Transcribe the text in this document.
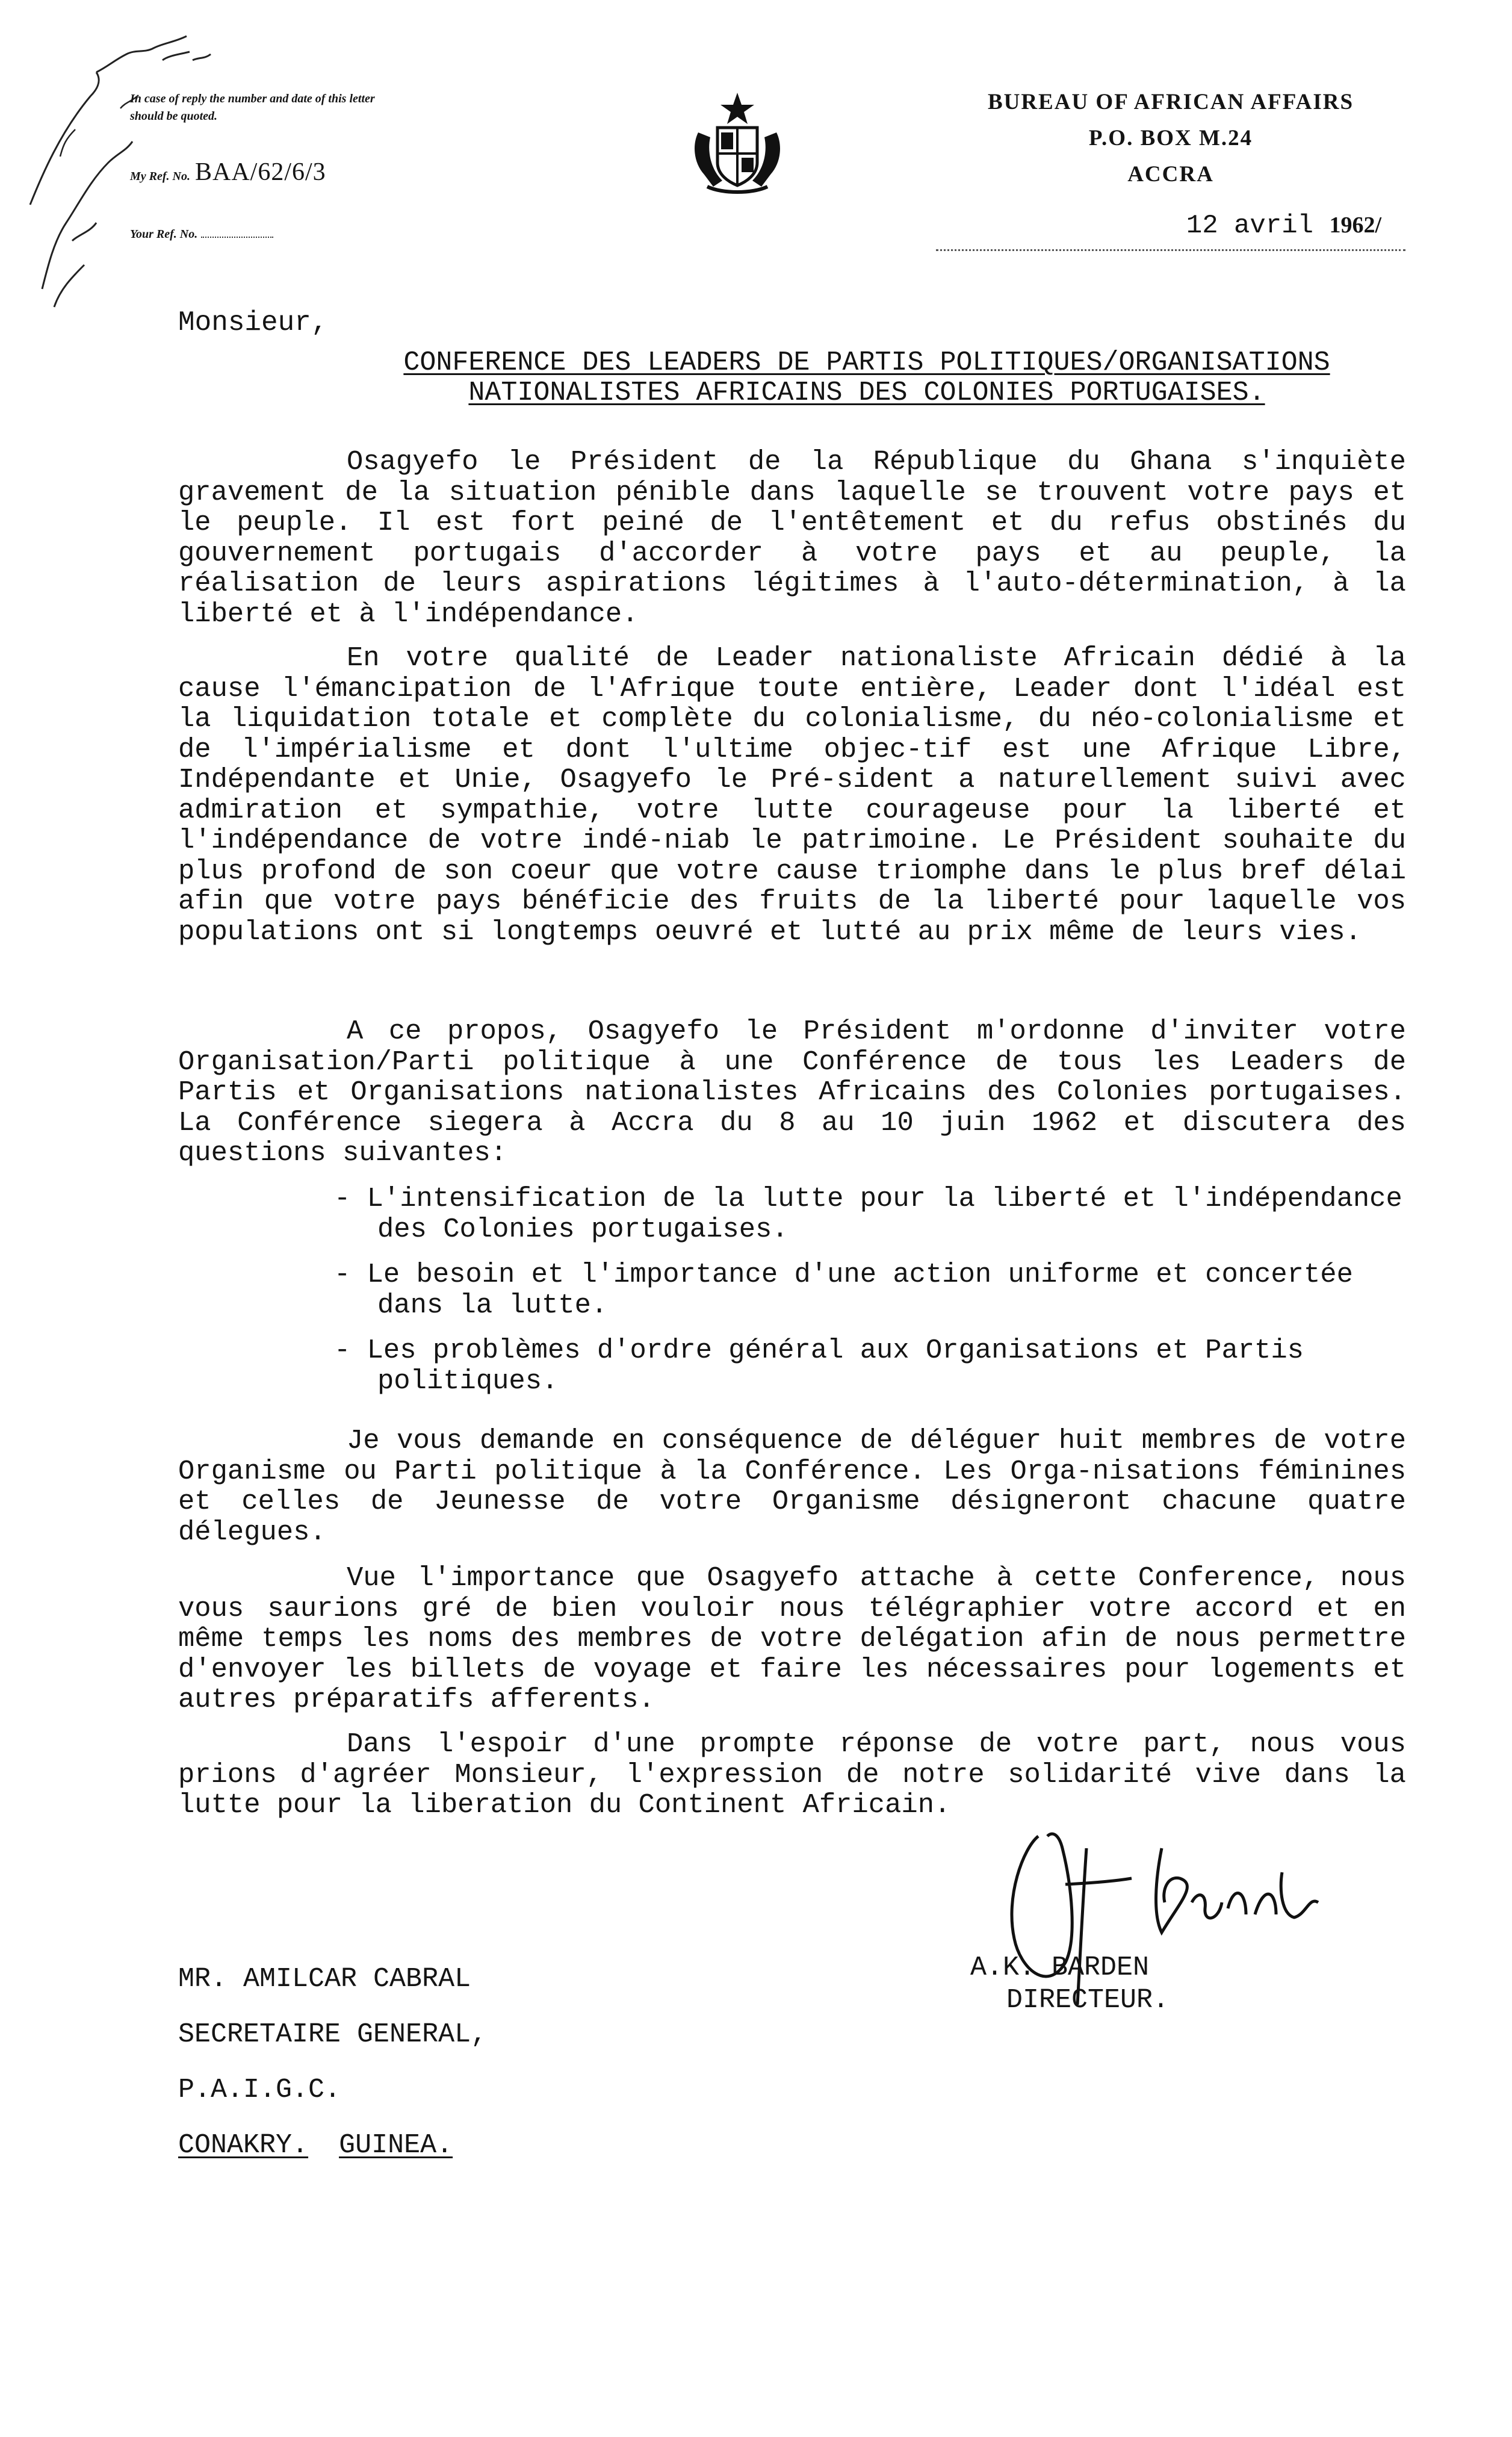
In case of reply the number and date of this letter should be quoted.
My Ref. No. BAA/62/6/3
Your Ref. No.
BUREAU OF AFRICAN AFFAIRS
P.O. BOX M.24
ACCRA
12 avril 1962/
Monsieur,
CONFERENCE DES LEADERS DE PARTIS POLITIQUES/ORGANISATIONS
NATIONALISTES AFRICAINS DES COLONIES PORTUGAISES.

Osagyefo le Président de la République du Ghana s'inquiète gravement de la situation pénible dans laquelle se trouvent votre pays et le peuple. Il est fort peiné de l'entêtement et du refus obstinés du gouvernement portugais d'accorder à votre pays et au peuple, la réalisation de leurs aspirations légitimes à l'auto-détermination, à la liberté et à l'indépendance.

En votre qualité de Leader nationaliste Africain dédié à la cause l'émancipation de l'Afrique toute entière, Leader dont l'idéal est la liquidation totale et complète du colonialisme, du néo-colonialisme et de l'impérialisme et dont l'ultime objec-tif est une Afrique Libre, Indépendante et Unie, Osagyefo le Pré-sident a naturellement suivi avec admiration et sympathie, votre lutte courageuse pour la liberté et l'indépendance de votre indé-niab le patrimoine. Le Président souhaite du plus profond de son coeur que votre cause triomphe dans le plus bref délai afin que votre pays bénéficie des fruits de la liberté pour laquelle vos populations ont si longtemps oeuvré et lutté au prix même de leurs vies.

A ce propos, Osagyefo le Président m'ordonne d'inviter votre Organisation/Parti politique à une Conférence de tous les Leaders de Partis et Organisations nationalistes Africains des Colonies portugaises. La Conférence siegera à Accra du 8 au 10 juin 1962 et discutera des questions suivantes:

- L'intensification de la lutte pour la liberté et l'indépendance des Colonies portugaises.
- Le besoin et l'importance d'une action uniforme et concertée dans la lutte.
- Les problèmes d'ordre général aux Organisations et Partis politiques.

Je vous demande en conséquence de déléguer huit membres de votre Organisme ou Parti politique à la Conférence. Les Orga-nisations féminines et celles de Jeunesse de votre Organisme désigneront chacune quatre délegues.

Vue l'importance que Osagyefo attache à cette Conference, nous vous saurions gré de bien vouloir nous télégraphier votre accord et en même temps les noms des membres de votre delégation afin de nous permettre d'envoyer les billets de voyage et faire les nécessaires pour logements et autres préparatifs afferents.

Dans l'espoir d'une prompte réponse de votre part, nous vous prions d'agréer Monsieur, l'expression de notre solidarité vive dans la lutte pour la liberation du Continent Africain.

A.K. BARDEN
DIRECTEUR.
MR. AMILCAR CABRAL
SECRETAIRE GENERAL,
P.A.I.G.C.
CONAKRY. GUINEA.
